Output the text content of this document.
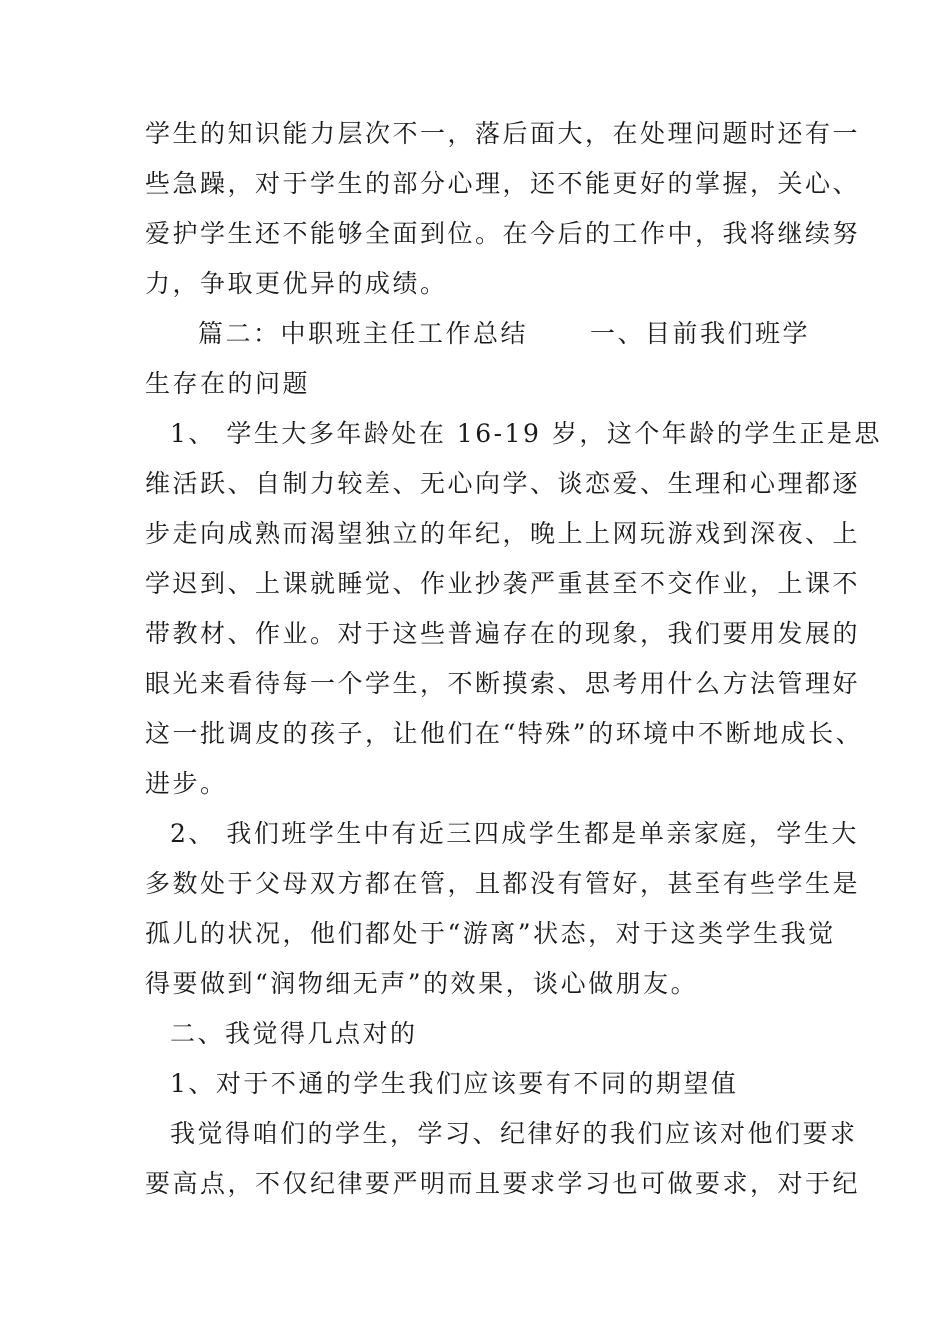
学生的知识能力层次不一，落后面大，在处理问题时还有一
些急躁，对于学生的部分心理，还不能更好的掌握，关心、
爱护学生还不能够全面到位。在今后的工作中，我将继续努
力，争取更优异的成绩。
篇二：中职班主任工作总结 一、目前我们班学
生存在的问题
1、 学生大多年龄处在 16-19 岁，这个年龄的学生正是思
维活跃、自制力较差、无心向学、谈恋爱、生理和心理都逐
步走向成熟而渴望独立的年纪，晚上上网玩游戏到深夜、上
学迟到、上课就睡觉、作业抄袭严重甚至不交作业，上课不
带教材、作业。对于这些普遍存在的现象，我们要用发展的
眼光来看待每一个学生，不断摸索、思考用什么方法管理好
这一批调皮的孩子，让他们在“特殊”的环境中不断地成长、
进步。
2、 我们班学生中有近三四成学生都是单亲家庭，学生大
多数处于父母双方都在管，且都没有管好，甚至有些学生是
孤儿的状况，他们都处于“游离”状态，对于这类学生我觉
得要做到“润物细无声”的效果，谈心做朋友。
二、我觉得几点对的
1、对于不通的学生我们应该要有不同的期望值
我觉得咱们的学生，学习、纪律好的我们应该对他们要求
要高点，不仅纪律要严明而且要求学习也可做要求，对于纪
